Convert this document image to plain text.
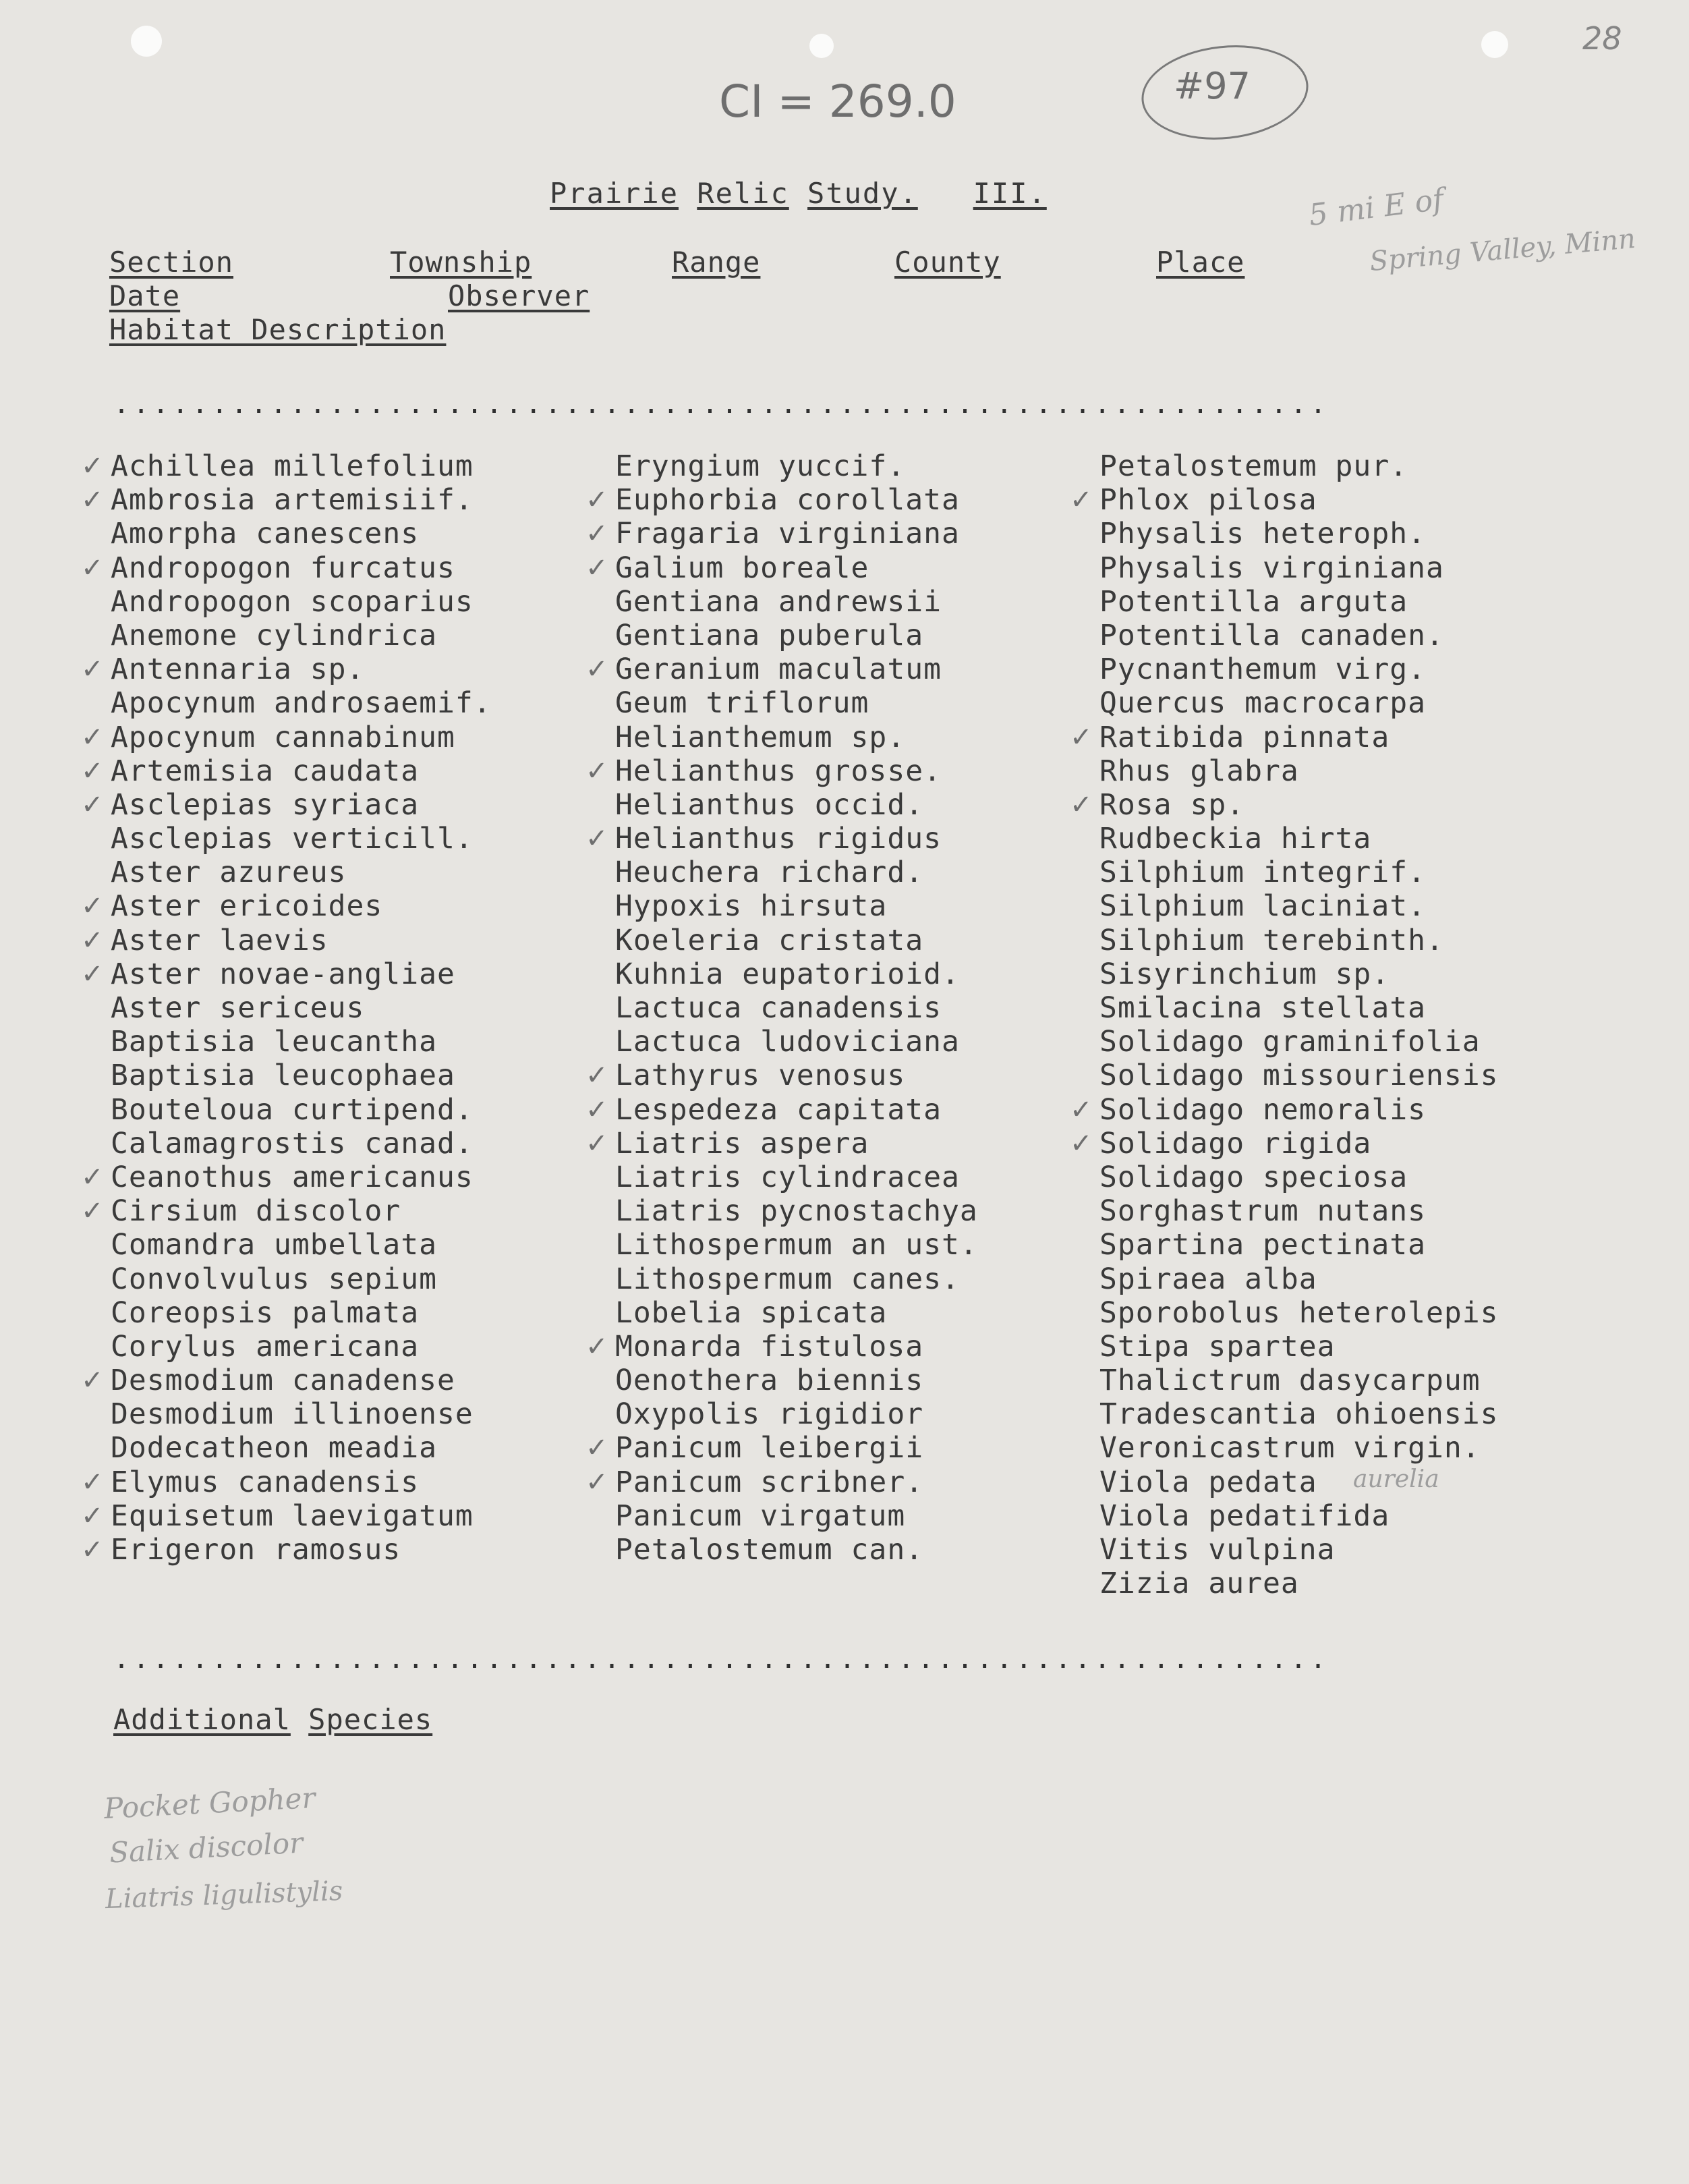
28
CI = 269.0	#97
5 mi E of
Spring Valley, Minn
Prairie Relic Study. III.
Section	Township	Range	County	Place
Date	Observer
Habitat Description
..............................................................
✓ Achillea millefolium
✓ Ambrosia artemisiif.
Amorpha canescens
✓ Andropogon furcatus
Andropogon scoparius
Anemone cylindrica
✓ Antennaria sp.
Apocynum androsaemif.
✓ Apocynum cannabinum
✓ Artemisia caudata
✓ Asclepias syriaca
Asclepias verticill.
Aster azureus
✓ Aster ericoides
✓ Aster laevis
✓ Aster novae-angliae
Aster sericeus
Baptisia leucantha
Baptisia leucophaea
Bouteloua curtipend.
Calamagrostis canad.
✓ Ceanothus americanus
✓ Cirsium discolor
Comandra umbellata
Convolvulus sepium
Coreopsis palmata
Corylus americana
✓ Desmodium canadense
Desmodium illinoense
Dodecatheon meadia
✓ Elymus canadensis
✓ Equisetum laevigatum
✓ Erigeron ramosus
Eryngium yuccif.
✓ Euphorbia corollata
✓ Fragaria virginiana
✓ Galium boreale
Gentiana andrewsii
Gentiana puberula
✓ Geranium maculatum
Geum triflorum
Helianthemum sp.
✓ Helianthus grosse.
Helianthus occid.
✓ Helianthus rigidus
Heuchera richard.
Hypoxis hirsuta
Koeleria cristata
Kuhnia eupatorioid.
Lactuca canadensis
Lactuca ludoviciana
✓ Lathyrus venosus
✓ Lespedeza capitata
✓ Liatris aspera
Liatris cylindracea
Liatris pycnostachya
Lithospermum an ust.
Lithospermum canes.
Lobelia spicata
✓ Monarda fistulosa
Oenothera biennis
Oxypolis rigidior
✓ Panicum leibergii
✓ Panicum scribner.
Panicum virgatum
Petalostemum can.
Petalostemum pur.
✓ Phlox pilosa
Physalis heteroph.
Physalis virginiana
Potentilla arguta
Potentilla canaden.
Pycnanthemum virg.
Quercus macrocarpa
✓ Ratibida pinnata
Rhus glabra
✓ Rosa sp.
Rudbeckia hirta
Silphium integrif.
Silphium laciniat.
Silphium terebinth.
Sisyrinchium sp.
Smilacina stellata
Solidago graminifolia
Solidago missouriensis
✓ Solidago nemoralis
✓ Solidago rigida
Solidago speciosa
Sorghastrum nutans
Spartina pectinata
Spiraea alba
Sporobolus heterolepis
Stipa spartea
Thalictrum dasycarpum
Tradescantia ohioensis
Veronicastrum virgin.
Viola pedata
Viola pedatifida
Vitis vulpina
Zizia aurea
aurelia
..............................................................
Additional Species
Pocket Gopher
Salix discolor
Liatris ligulistylis
